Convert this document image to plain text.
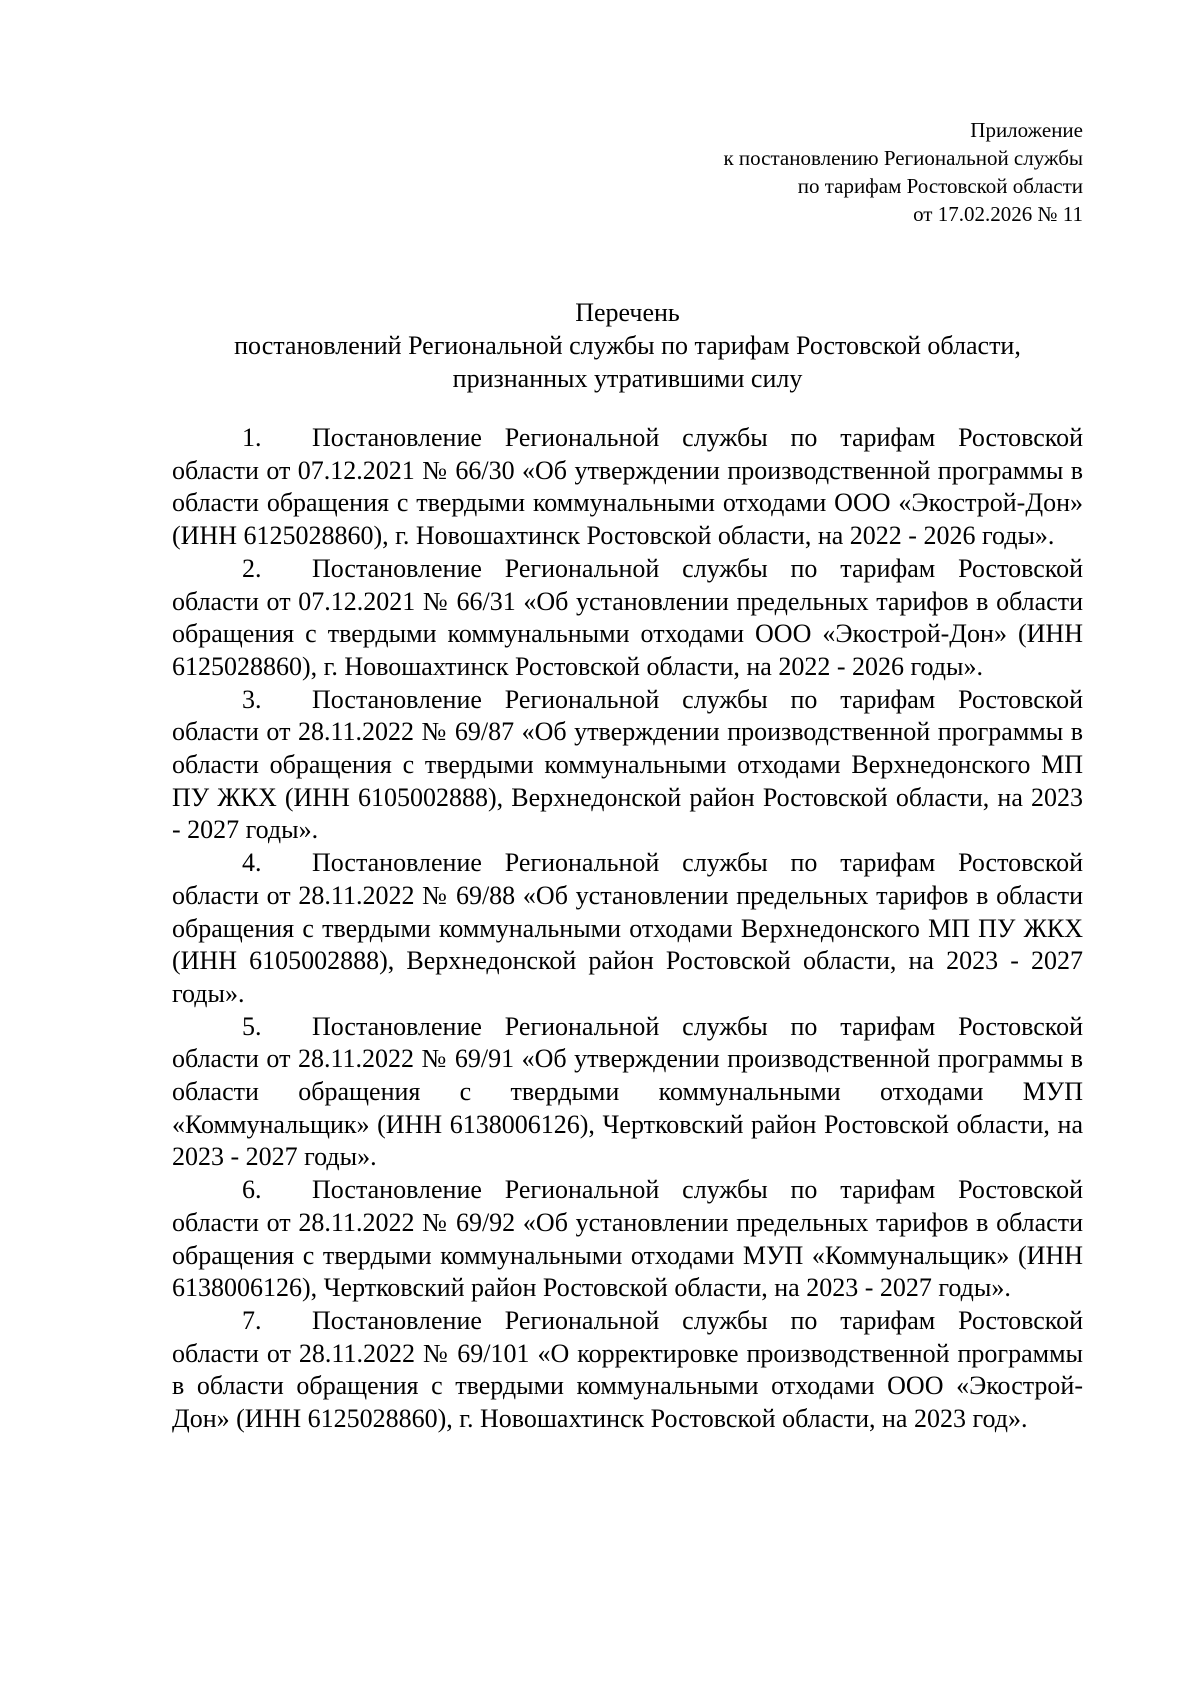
Приложение
к постановлению Региональной службы
по тарифам Ростовской области
от 17.02.2026 № 11
Перечень
постановлений Региональной службы по тарифам Ростовской области,
признанных утратившими силу
1. Постановление Региональной службы по тарифам Ростовской области от 07.12.2021 № 66/30 «Об утверждении производственной программы в области обращения с твердыми коммунальными отходами ООО «Экострой-Дон» (ИНН 6125028860), г. Новошахтинск Ростовской области, на 2022 - 2026 годы».
2. Постановление Региональной службы по тарифам Ростовской области от 07.12.2021 № 66/31 «Об установлении предельных тарифов в области обращения с твердыми коммунальными отходами ООО «Экострой-Дон» (ИНН 6125028860), г. Новошахтинск Ростовской области, на 2022 - 2026 годы».
3. Постановление Региональной службы по тарифам Ростовской области от 28.11.2022 № 69/87 «Об утверждении производственной программы в области обращения с твердыми коммунальными отходами Верхнедонского МП ПУ ЖКХ (ИНН 6105002888), Верхнедонской район Ростовской области, на 2023 - 2027 годы».
4. Постановление Региональной службы по тарифам Ростовской области от 28.11.2022 № 69/88 «Об установлении предельных тарифов в области обращения с твердыми коммунальными отходами Верхнедонского МП ПУ ЖКХ (ИНН 6105002888), Верхнедонской район Ростовской области, на 2023 - 2027 годы».
5. Постановление Региональной службы по тарифам Ростовской области от 28.11.2022 № 69/91 «Об утверждении производственной программы в области обращения с твердыми коммунальными отходами МУП «Коммунальщик» (ИНН 6138006126), Чертковский район Ростовской области, на 2023 - 2027 годы».
6. Постановление Региональной службы по тарифам Ростовской области от 28.11.2022 № 69/92 «Об установлении предельных тарифов в области обращения с твердыми коммунальными отходами МУП «Коммунальщик» (ИНН 6138006126), Чертковский район Ростовской области, на 2023 - 2027 годы».
7. Постановление Региональной службы по тарифам Ростовской области от 28.11.2022 № 69/101 «О корректировке производственной программы в области обращения с твердыми коммунальными отходами ООО «Экострой-Дон» (ИНН 6125028860), г. Новошахтинск Ростовской области, на 2023 год».
